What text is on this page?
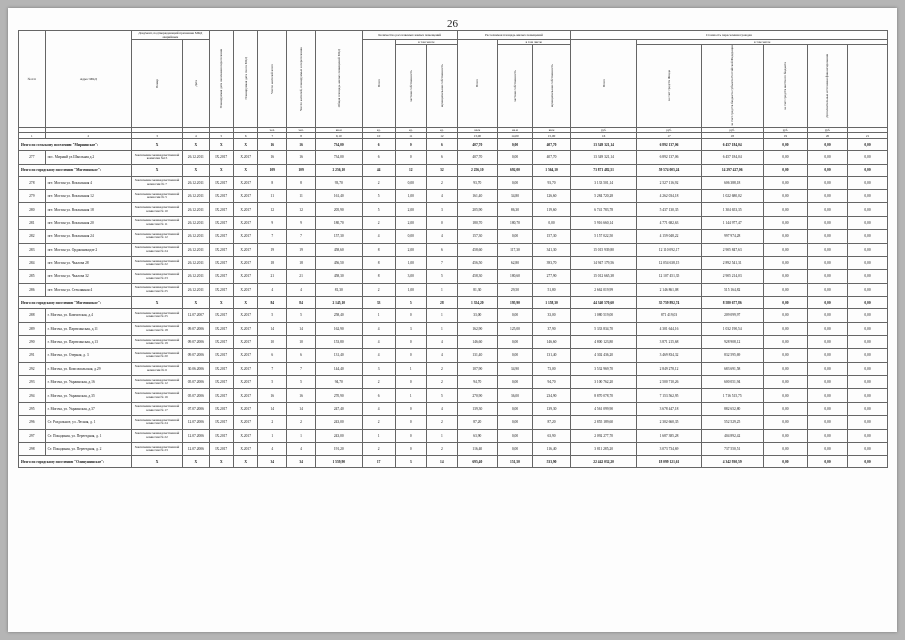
26
№ п/п	Адрес МКД	Документ, подтверждающий признание МКД аварийным		Планируемая дата окончания переселения	Планируемая дата сноса МКД	Число жителей всего	Число жителей, планируемых к переселению	Общая площадь жилых помещений МКД	Количество расселяемых жилых помещений			Расселяемая площадь жилых помещений			Стоимость переселения граждан					
		Номер	Дата						Всего	в том числе		Всего	в том числе		Всего	в том числе				
										частная собственность	муниципальная собственность		частная собственность	муниципальная собственность		за счет средств Фонда	за счет средств бюджета субъекта Российской Федерации	за счет средств местного бюджета	Дополнительные источники финансирования	
						чел.	чел.	кв.м	ед.	ед.	ед.	кв.м	кв.м	кв.м	руб.	руб.	руб.	руб.	руб.	
1	2	3	4	5	6	7	8	9,10	10	11	12	13,00	14,00	15,00	16	17	18	19	20	21
Итого по сельскому поселению "Мирнинское":		X	X	X	X	16	16	734,00	6	0	6	407,70	0,00	407,70	13 349 321,14	6 892 137,06	6 457 184,04	0,00	0,00	0,00
277	пос. Мирный ул.Школьная д.2	Заключение межведомственной комиссии №15	26.12.2011	IX.2017	X.2017	16	16	734,00	6	0	6	407,70	0,00	407,70	13 349 321,14	6 892 137,06	6 457 184,04	0,00	0,00	0,00
Итого по городскому поселению "Могочинское":		X	X	X	X	109	109	2 256,10	44	12	32	2 256,10	692,00	1 564,10	73 871 482,51	59 574 005,24	14 297 427,06	0,00	0,00	0,00
278	пгт. Могзон ул. Вокзальная 4	Заключение межведомственной комиссии № 7	26.12.2011	IX.2017	X.2017	8	8	93,70	2	0,00	2	93,70	0,00	93,70	3 133 501,14	2 527 116,92	606 388,18	0,00	0,00	0,00
279	пгт. Могзон ул. Вокзальная 12	Заключение межведомственной комиссии № 5	26.12.2011	IX.2017	X.2017	11	11	161,40	5	1,00	4	161,40	34,80	126,60	5 284 720,28	4 262 034,18	1 022 680,02	0,00	0,00	0,00
280	пгт. Могзон ул. Вокзальная 18	Заключение межведомственной комиссии № 10	26.12.2011	IX.2017	X.2017	12	12	205,90	5	2,00	3	205,90	86,30	119,60	6 741 783,78	5 437 130,35	1 304 653,35	0,00	0,00	0,00
281	пгт. Могзон ул. Вокзальная 20	Заключение межведомственной комиссии № 11	26.12.2011	IX.2017	X.2017	9	9	180,70	2	2,00	0	180,70	180,70	0,00	5 916 660,14	4 771 682,63	1 144 977,47	0,00	0,00	0,00
282	пгт. Могзон ул. Вокзальная 24	Заключение межведомственной комиссии № 12	26.12.2011	IX.2017	X.2017	7	7	157,30	4	0,00	4	157,30	0,00	157,30	5 157 022,50	4 159 048,22	997 974,28	0,00	0,00	0,00
283	пгт. Могзон ул. Орджоникидзе 2	Заключение межведомственной комиссии № 24	26.12.2011	IX.2017	X.2017	19	19	458,60	8	2,00	6	458,60	117,30	341,30	15 015 939,80	12 110 092,17	2 905 847,63	0,00	0,00	0,00
284	пгт. Могзон ул. Чкалова 28	Заключение межведомственной комиссии № 22	26.12.2011	IX.2017	X.2017	18	18	456,50	8	1,00	7	456,50	62,80	393,70	14 947 179,56	12 054 638,15	2 892 541,31	0,00	0,00	0,00
285	пгт. Могзон ул. Чкалова 32	Заключение межведомственной комиссии № 23	26.12.2011	IX.2017	X.2017	21	21	458,30	8	3,00	5	458,30	180,60	277,90	15 012 665,38	12 107 451,35	2 905 214,03	0,00	0,00	0,00
286	пгт. Могзон ул. Стеклянная 4	Заключение межведомственной комиссии № 25	26.12.2011	IX.2017	X.2017	4	4	81,30	2	1,00	1	81,30	29,50	51,80	2 662 019,99	2 146 861,08	515 164,82	0,00	0,00	0,00
Итого по городскому поселению "Могочинское":		X	X	X	X	84	84	2 145,10	33	5	28	1 354,20	195,90	1 158,30	44 340 570,60	35 759 892,74	8 580 677,86	0,00	0,00	0,00
288	г. Могоча, ул. Камчатская, д.4	Заключение межведомственной комиссии № 25	12.07.2007	IX.2017	X.2017	5	5	258,40	1	0	1	33,00	0,00	33,00	1 080 519,00	871 419,03	209 099,97	0,00	0,00	0,00
289	г. Могоча, ул. Партизанская, д.11	Заключение межведомственной комиссии № 18	09.07.2006	IX.2017	X.2017	14	14	162,90	4	3	1	162,90	125,00	37,90	5 333 834,70	4 301 644,16	1 032 190,54	0,00	0,00	0,00
290	г. Могоча, ул. Партизанская, д.13	Заключение межведомственной комиссии № 19	09.07.2006	IX.2017	X.2017	10	10	153,80	4	0	4	146,60	0,00	146,60	4 800 123,80	3 871 215,68	928 908,12	0,00	0,00	0,00
291	г. Могоча, ул. Озерная, д. 3	Заключение межведомственной комиссии № 20	09.07.2006	IX.2017	X.2017	6	6	131,40	4	0	4	131,40	0,00	131,40	4 302 436,20	3 469 834,32	832 595,69	0,00	0,00	0,00
292	г. Могоча, ул. Комсомольская, д.29	Заключение межведомственной комиссии № 6	30.06.2006	IX.2017	X.2017	7	7	144,40	3	1	2	107,90	34,90	73,00	3 532 969,70	2 849 278,12	683 691,58	0,00	0,00	0,00
293	г. Могоча, ул. Украинская, д.16	Заключение межведомственной комиссии № 12	05.07.2006	IX.2017	X.2017	5	5	94,70	2	0	2	94,70	0,00	94,70	3 100 762,20	2 500 710,26	600 051,94	0,00	0,00	0,00
294	г. Могоча, ул. Украинская, д.35	Заключение межведомственной комиссии № 16	05.07.2006	IX.2017	X.2017	16	16	270,90	6	1	5	270,90	36,00	234,90	8 870 078,70	7 153 562,95	1 716 515,75	0,00	0,00	0,00
295	г. Могоча, ул. Украинская, д.37	Заключение межведомственной комиссии № 17	07.07.2006	IX.2017	X.2017	14	14	247,40	4	0	4	139,30	0,00	139,30	4 561 099,90	3 678 447,18	882 652,80	0,00	0,00	0,00
296	Ст. Раздольное, ул. Лесная, д. 1	Заключение межведомственной комиссии № 24	12.07.2006	IX.2017	X.2017	2	2	243,00	2	0	2	87,20	0,00	87,20	2 855 189,60	2 302 660,35	552 529,25	0,00	0,00	0,00
297	Ст. Покадиная, ул. Переездная, д. 1	Заключение межведомственной комиссии № 22	12.07.2006	IX.2017	X.2017	1	1	243,00	1	0	1	63,90	0,00	63,90	2 092 277,70	1 687 385,28	404 892,42	0,00	0,00	0,00
298	Ст. Покадиная, ул. Переездная, д. 2	Заключение межведомственной комиссии № 23	12.07.2006	IX.2017	X.2017	4	4	191,20	2	0	2	116,40	0,00	116,40	3 811 285,20	3 073 734,69	737 550,51	0,00	0,00	0,00
Итого по городскому поселению "Олинушинское":		X	X	X	X	34	34	1 559,90	17	3	14	695,40	151,50	533,90	22 442 032,20	18 099 121,61	4 342 930,59	0,00	0,00	0,00
